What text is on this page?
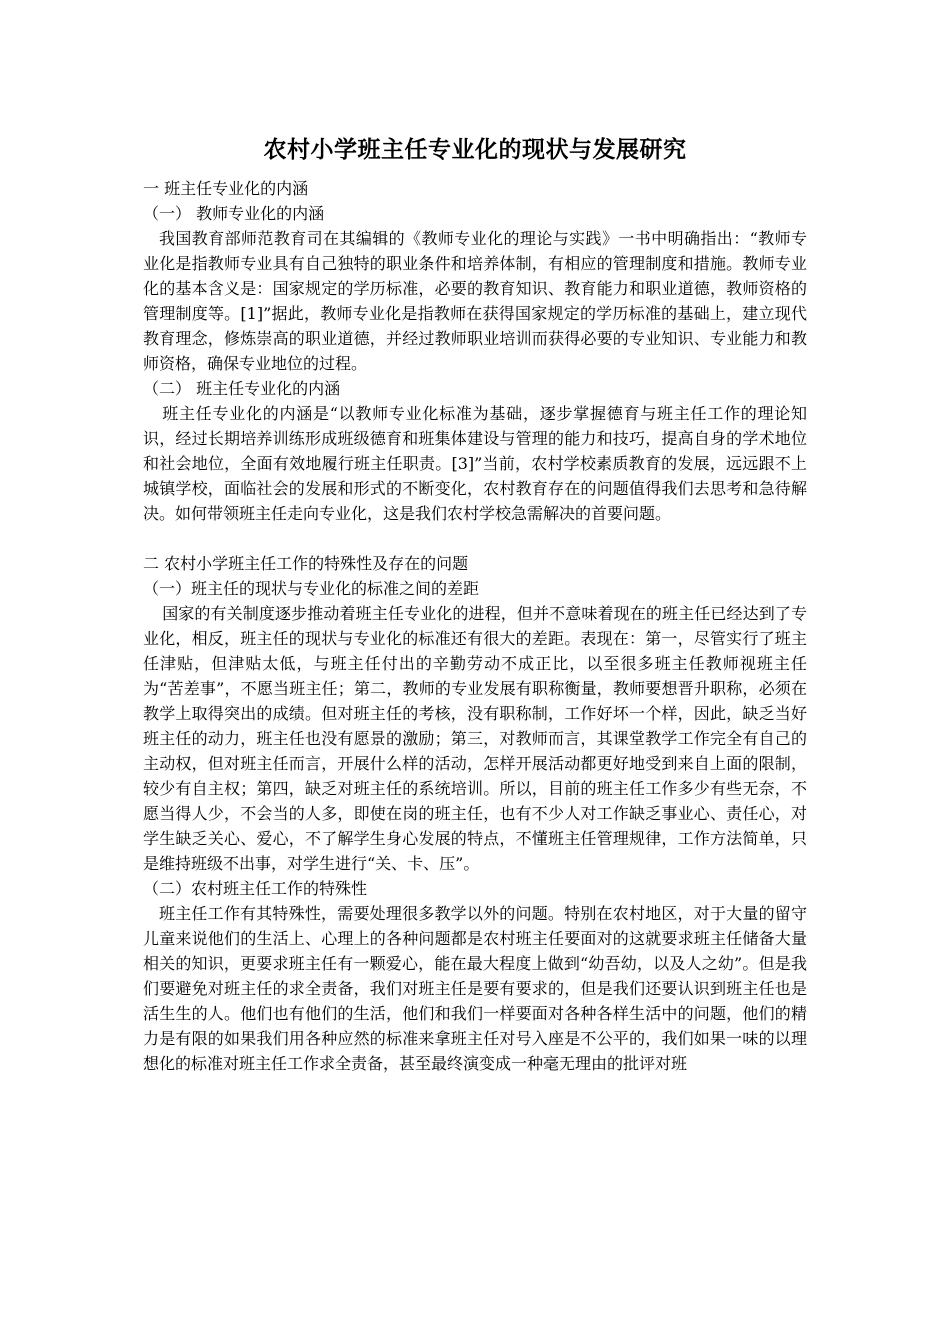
农村小学班主任专业化的现状与发展研究

一 班主任专业化的内涵

（一） 教师专业化的内涵

我国教育部师范教育司在其编辑的《教师专业化的理论与实践》一书中明确指出：“教师专业化是指教师专业具有自己独特的职业条件和培养体制，有相应的管理制度和措施。教师专业化的基本含义是：国家规定的学历标准，必要的教育知识、教育能力和职业道德，教师资格的管理制度等。[1]”据此，教师专业化是指教师在获得国家规定的学历标准的基础上，建立现代教育理念，修炼崇高的职业道德，并经过教师职业培训而获得必要的专业知识、专业能力和教师资格，确保专业地位的过程。

（二） 班主任专业化的内涵

班主任专业化的内涵是“以教师专业化标准为基础，逐步掌握德育与班主任工作的理论知识，经过长期培养训练形成班级德育和班集体建设与管理的能力和技巧，提高自身的学术地位和社会地位，全面有效地履行班主任职责。[3]”当前，农村学校素质教育的发展，远远跟不上城镇学校，面临社会的发展和形式的不断变化，农村教育存在的问题值得我们去思考和急待解决。如何带领班主任走向专业化，这是我们农村学校急需解决的首要问题。

二 农村小学班主任工作的特殊性及存在的问题

（一）班主任的现状与专业化的标准之间的差距

国家的有关制度逐步推动着班主任专业化的进程，但并不意味着现在的班主任已经达到了专业化，相反，班主任的现状与专业化的标准还有很大的差距。表现在：第一，尽管实行了班主任津贴，但津贴太低，与班主任付出的辛勤劳动不成正比，以至很多班主任教师视班主任为“苦差事”，不愿当班主任；第二，教师的专业发展有职称衡量，教师要想晋升职称，必须在教学上取得突出的成绩。但对班主任的考核，没有职称制，工作好坏一个样，因此，缺乏当好班主任的动力，班主任也没有愿景的激励；第三，对教师而言，其课堂教学工作完全有自己的主动权，但对班主任而言，开展什么样的活动，怎样开展活动都更好地受到来自上面的限制，较少有自主权；第四，缺乏对班主任的系统培训。所以，目前的班主任工作多少有些无奈，不愿当得人少，不会当的人多，即使在岗的班主任，也有不少人对工作缺乏事业心、责任心，对学生缺乏关心、爱心，不了解学生身心发展的特点，不懂班主任管理规律，工作方法简单，只是维持班级不出事，对学生进行“关、卡、压”。

（二）农村班主任工作的特殊性

班主任工作有其特殊性，需要处理很多教学以外的问题。特别在农村地区，对于大量的留守儿童来说他们的生活上、心理上的各种问题都是农村班主任要面对的这就要求班主任储备大量相关的知识，更要求班主任有一颗爱心，能在最大程度上做到“幼吾幼，以及人之幼”。但是我们要避免对班主任的求全责备，我们对班主任是要有要求的，但是我们还要认识到班主任也是活生生的人。他们也有他们的生活，他们和我们一样要面对各种各样生活中的问题，他们的精力是有限的如果我们用各种应然的标准来拿班主任对号入座是不公平的，我们如果一味的以理想化的标准对班主任工作求全责备，甚至最终演变成一种毫无理由的批评对班
